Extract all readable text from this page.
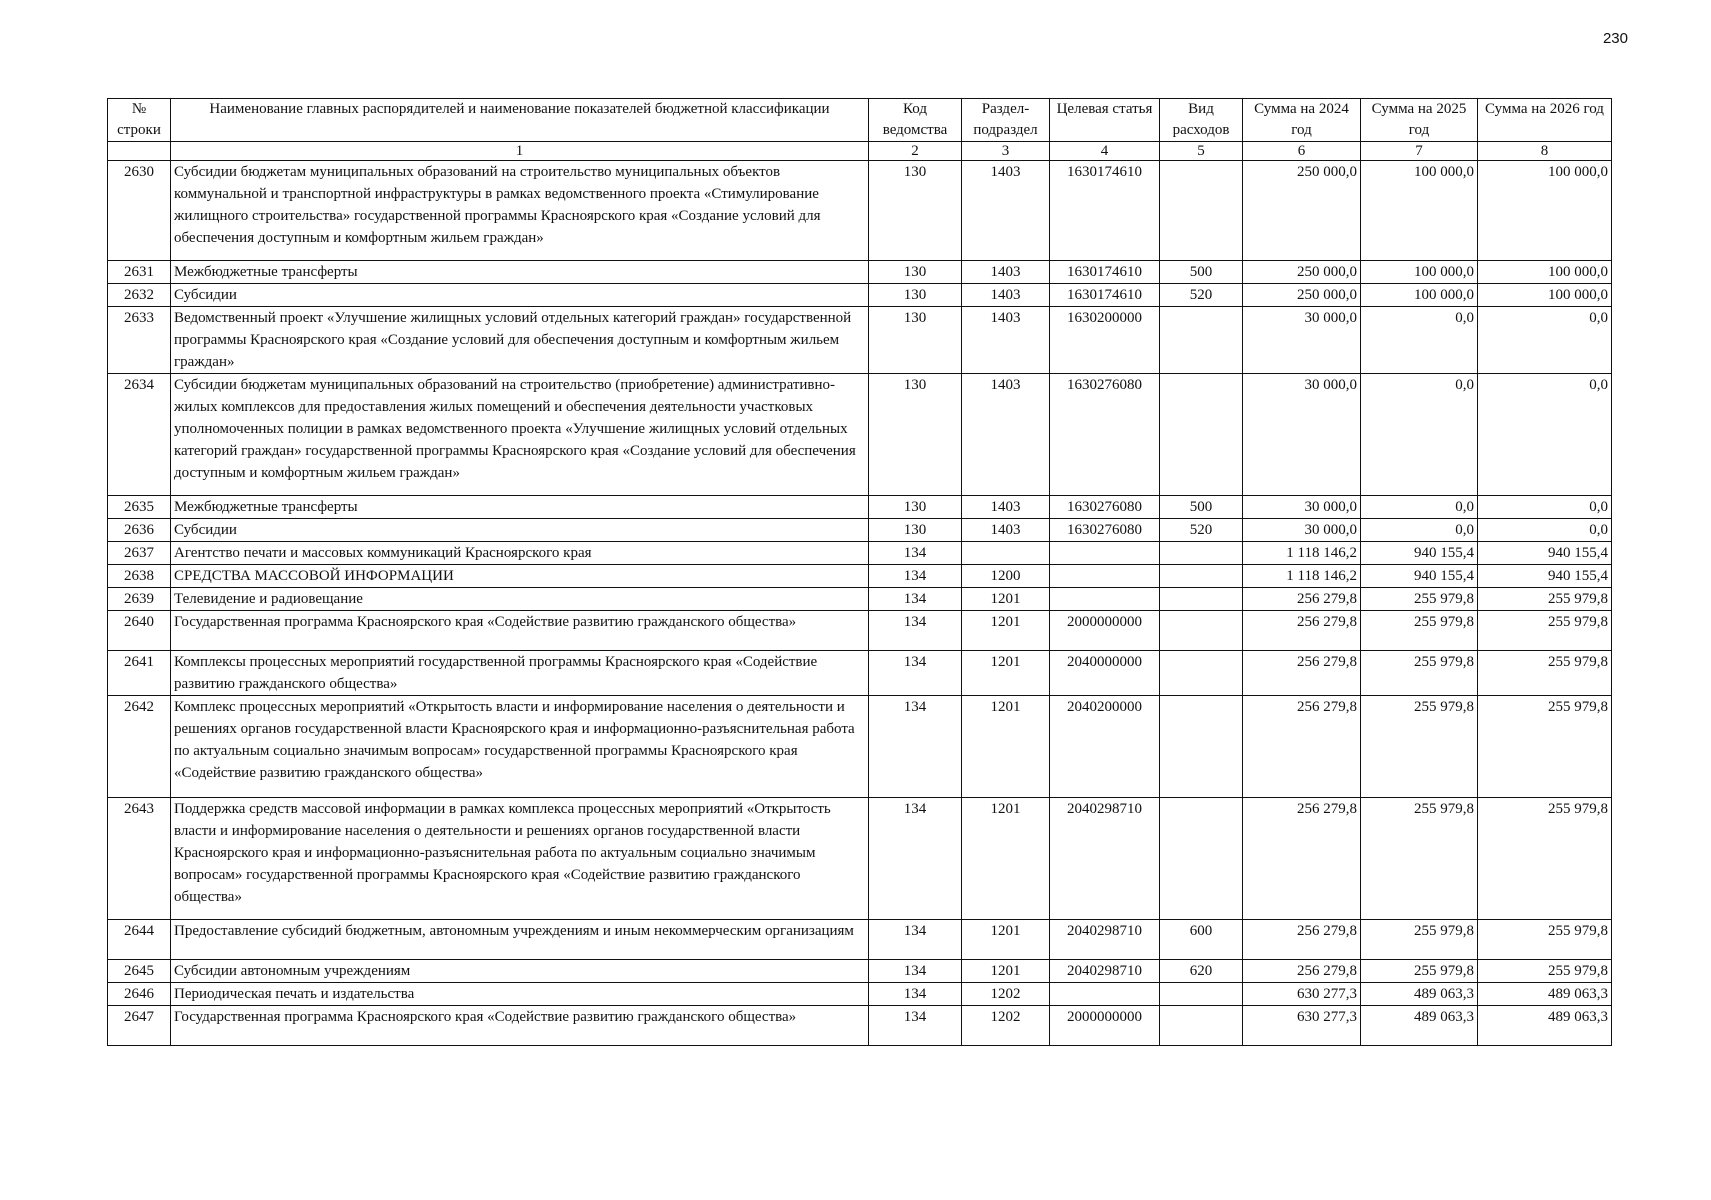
230
№ строки	Наименование главных распорядителей и наименование показателей бюджетной классификации	Код ведомства	Раздел-подраздел	Целевая статья	Вид расходов	Сумма на 2024 год	Сумма на 2025 год	Сумма на 2026 год
	1	2	3	4	5	6	7	8
2630	Субсидии бюджетам муниципальных образований на строительство муниципальных объектов коммунальной и транспортной инфраструктуры в рамках ведомственного проекта «Стимулирование жилищного строительства» государственной программы Красноярского края «Создание условий для обеспечения доступным и комфортным жильем граждан»	130	1403	1630174610		250 000,0	100 000,0	100 000,0
2631	Межбюджетные трансферты	130	1403	1630174610	500	250 000,0	100 000,0	100 000,0
2632	Субсидии	130	1403	1630174610	520	250 000,0	100 000,0	100 000,0
2633	Ведомственный проект «Улучшение жилищных условий отдельных категорий граждан» государственной программы Красноярского края «Создание условий для обеспечения доступным и комфортным жильем граждан»	130	1403	1630200000		30 000,0	0,0	0,0
2634	Субсидии бюджетам муниципальных образований на строительство (приобретение) административно-жилых комплексов для предоставления жилых помещений и обеспечения деятельности участковых уполномоченных полиции в рамках ведомственного проекта «Улучшение жилищных условий отдельных категорий граждан» государственной программы Красноярского края «Создание условий для обеспечения доступным и комфортным жильем граждан»	130	1403	1630276080		30 000,0	0,0	0,0
2635	Межбюджетные трансферты	130	1403	1630276080	500	30 000,0	0,0	0,0
2636	Субсидии	130	1403	1630276080	520	30 000,0	0,0	0,0
2637	Агентство печати и массовых коммуникаций Красноярского края	134				1 118 146,2	940 155,4	940 155,4
2638	СРЕДСТВА МАССОВОЙ ИНФОРМАЦИИ	134	1200			1 118 146,2	940 155,4	940 155,4
2639	Телевидение и радиовещание	134	1201			256 279,8	255 979,8	255 979,8
2640	Государственная программа Красноярского края «Содействие развитию гражданского общества»	134	1201	2000000000		256 279,8	255 979,8	255 979,8
2641	Комплексы процессных мероприятий государственной программы Красноярского края «Содействие развитию гражданского общества»	134	1201	2040000000		256 279,8	255 979,8	255 979,8
2642	Комплекс процессных мероприятий «Открытость власти и информирование населения о деятельности и решениях органов государственной власти Красноярского края и информационно-разъяснительная работа по актуальным социально значимым вопросам» государственной программы Красноярского края «Содействие развитию гражданского общества»	134	1201	2040200000		256 279,8	255 979,8	255 979,8
2643	Поддержка средств массовой информации в рамках комплекса процессных мероприятий «Открытость власти и информирование населения о деятельности и решениях органов государственной власти Красноярского края и информационно-разъяснительная работа по актуальным социально значимым вопросам» государственной программы Красноярского края «Содействие развитию гражданского общества»	134	1201	2040298710		256 279,8	255 979,8	255 979,8
2644	Предоставление субсидий бюджетным, автономным учреждениям и иным некоммерческим организациям	134	1201	2040298710	600	256 279,8	255 979,8	255 979,8
2645	Субсидии автономным учреждениям	134	1201	2040298710	620	256 279,8	255 979,8	255 979,8
2646	Периодическая печать и издательства	134	1202			630 277,3	489 063,3	489 063,3
2647	Государственная программа Красноярского края «Содействие развитию гражданского общества»	134	1202	2000000000		630 277,3	489 063,3	489 063,3
